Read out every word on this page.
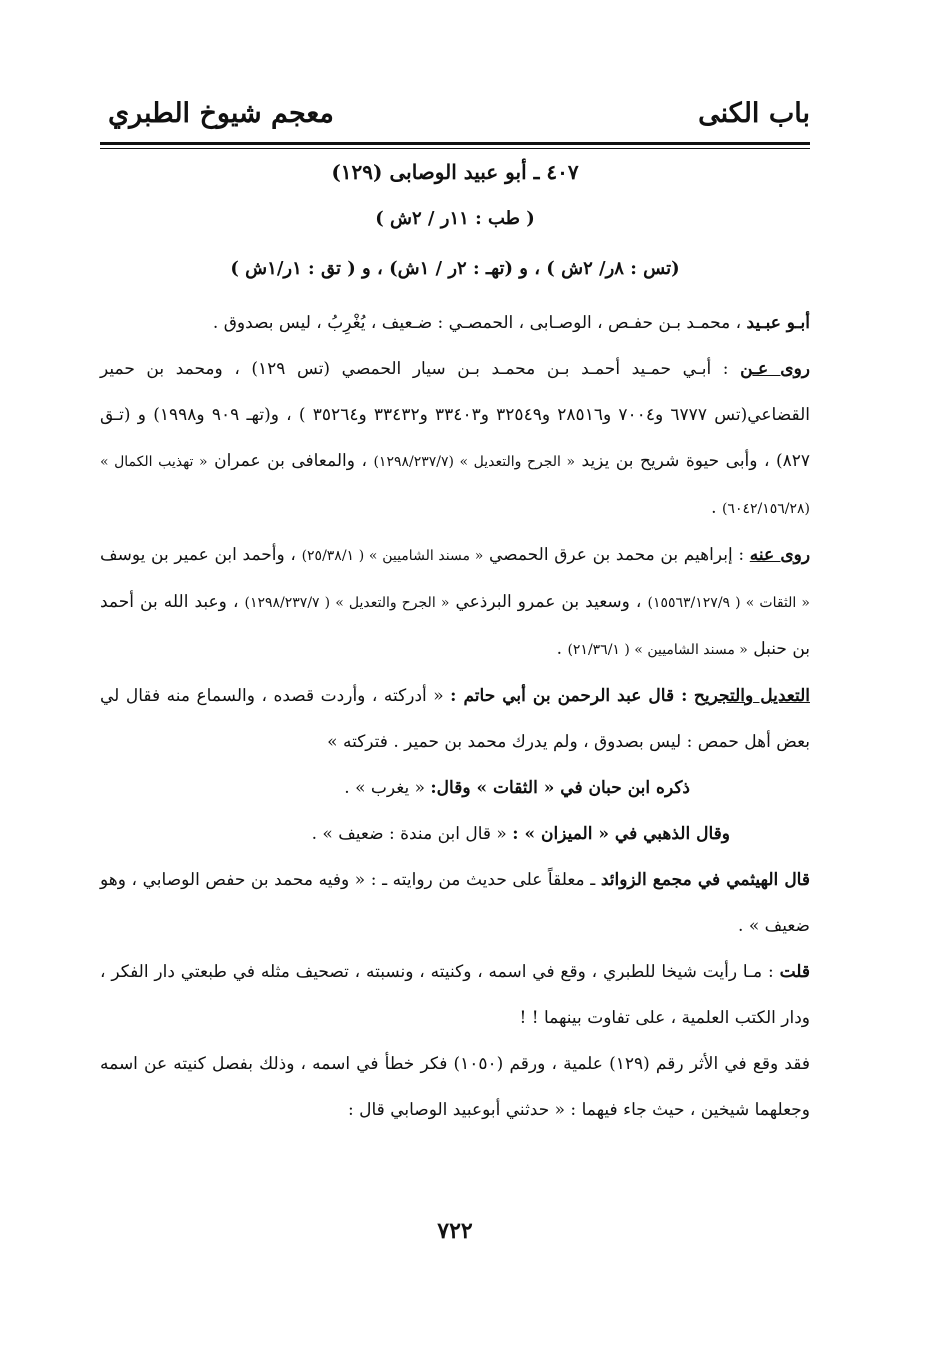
باب الكنى
معجم شيوخ الطبري
٤٠٧ ـ أبو عبيد الوصابى (١٢٩)
( طب : ١١ر / ٢ش )
(تس : ٨ر/ ٢ش ) ، و (تهـ : ٢ر / ١ش) ، و ( تق : ١ر/١ش )

أبـو عبـيد ، محمـد بـن حفـص ، الوصـابى ، الحمصـي : ضـعيف ، يُغْرِبُ ، ليس بصدوق .

روى عـن : أبـي حمـيد أحمـد بـن محمـد بـن سيار الحمصي (تس ١٢٩) ، ومحمد بن حمير القضاعي(تس ٦٧٧٧ و٧٠٠٤ و٢٨٥١٦ و٣٢٥٤٩ و٣٣٤٠٣ و٣٣٤٣٢ و٣٥٢٦٤ ) ، و(تهـ ٩٠٩ و١٩٩٨) و (تـق ٨٢٧) ، وأبى حيوة شريح بن يزيد « الجرح والتعديل » (١٢٩٨/٢٣٧/٧) ، والمعافى بن عمران « تهذيب الكمال » (٦٠٤٢/١٥٦/٢٨) .

روى عنه : إبراهيم بن محمد بن عرق الحمصي « مسند الشاميين » ( ٢٥/٣٨/١) ، وأحمد ابن عمير بن يوسف « الثقات » ( ١٥٥٦٣/١٢٧/٩) ، وسعيد بن عمرو البرذعي « الجرح والتعديل » ( ١٢٩٨/٢٣٧/٧) ، وعبد الله بن أحمد بن حنبل « مسند الشاميين » ( ٢١/٣٦/١) .

التعديل والتجريح : قال عبد الرحمن بن أبي حاتم : « أدركته ، وأردت قصده ، والسماع منه فقال لي بعض أهل حمص : ليس بصدوق ، ولم يدرك محمد بن حمير . فتركته »

ذكره ابن حبان في « الثقات » وقال: « يغرب » .

وقال الذهبي في « الميزان » : « قال ابن مندة : ضعيف » .

قال الهيثمي في مجمع الزوائد ـ معلقاً على حديث من روايته ـ : « وفيه محمد بن حفص الوصابي ، وهو ضعيف » .

قلت : مـا رأيت شيخا للطبري ، وقع في اسمه ، وكنيته ، ونسبته ، تصحيف مثله في طبعتي دار الفكر ، ودار الكتب العلمية ، على تفاوت بينهما ! !

فقد وقع في الأثر رقم (١٢٩) علمية ، ورقم (١٠٥٠) فكر خطأ في اسمه ، وذلك بفصل كنيته عن اسمه وجعلهما شيخين ، حيث جاء فيهما : « حدثني أبوعبيد الوصابي قال :

٧٢٢
